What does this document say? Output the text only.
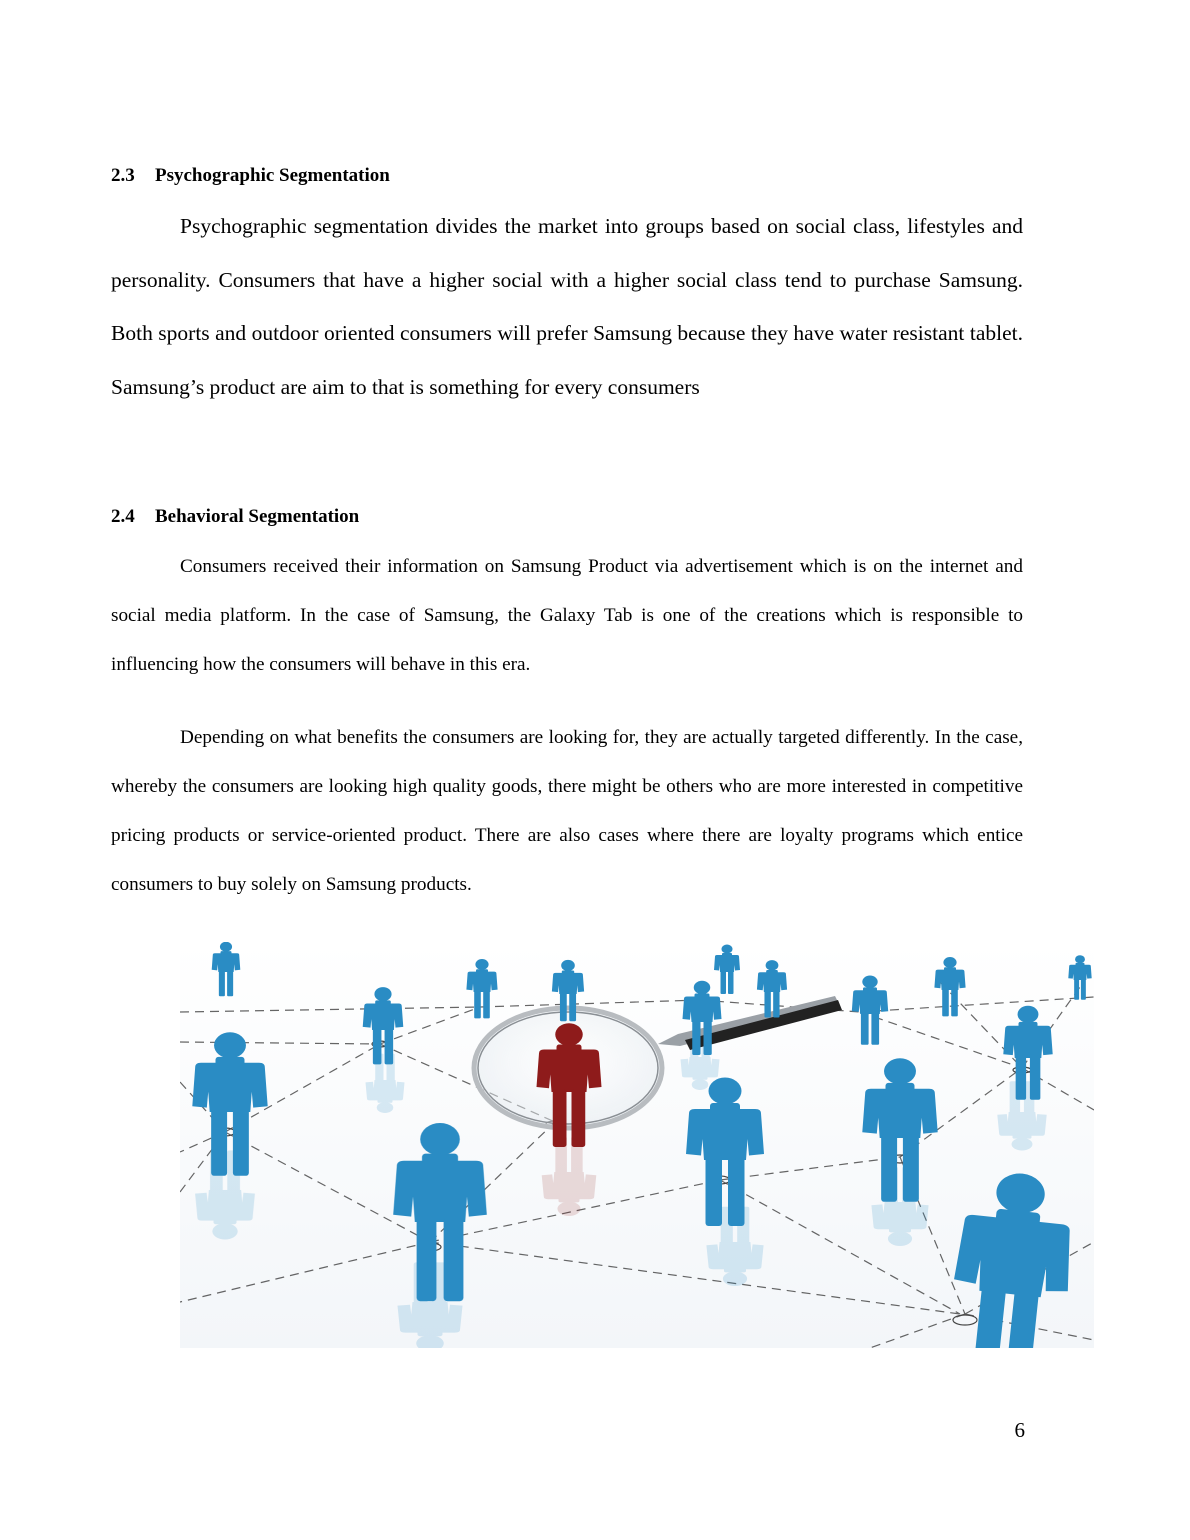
2.3 Psychographic Segmentation

Psychographic segmentation divides the market into groups based on social class, lifestyles and personality. Consumers that have a higher social with a higher social class tend to purchase Samsung. Both sports and outdoor oriented consumers will prefer Samsung because they have water resistant tablet. Samsung’s product are aim to that is something for every consumers

2.4 Behavioral Segmentation

Consumers received their information on Samsung Product via advertisement which is on the internet and social media platform. In the case of Samsung, the Galaxy Tab is one of the creations which is responsible to influencing how the consumers will behave in this era.

Depending on what benefits the consumers are looking for, they are actually targeted differently. In the case, whereby the consumers are looking high quality goods, there might be others who are more interested in competitive pricing products or service-oriented product. There are also cases where there are loyalty programs which entice consumers to buy solely on Samsung products.

6
